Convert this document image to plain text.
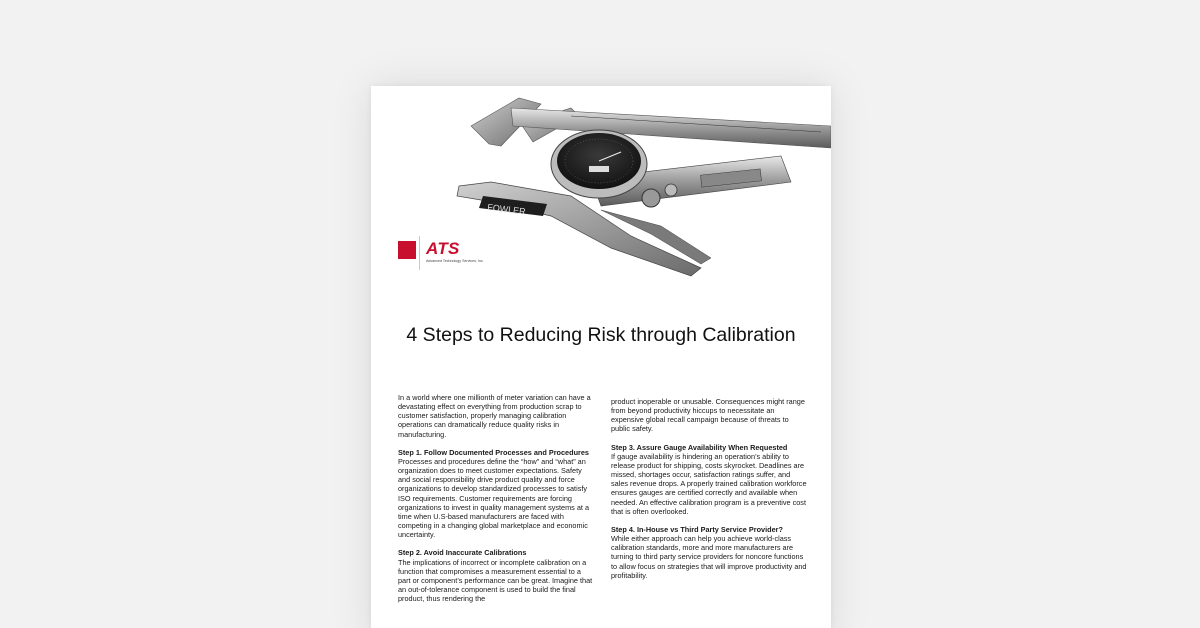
FOWLER
ATS
Advanced Technology Services, Inc.
4 Steps to Reducing Risk through Calibration

In a world where one millionth of meter variation can have a devastating effect on everything from production scrap to customer satisfaction, properly managing calibration operations can dramatically reduce quality risks in manufacturing.

Step 1. Follow Documented Processes and Procedures
Processes and procedures define the “how” and “what” an organization does to meet customer expectations. Safety and social responsibility drive product quality and force organizations to develop standardized processes to satisfy ISO requirements. Customer requirements are forcing organizations to invest in quality management systems at a time when U.S-based manufacturers are faced with competing in a changing global marketplace and economic uncertainty.
Step 2. Avoid Inaccurate Calibrations
The implications of incorrect or incomplete calibration on a function that compromises a measurement essential to a part or component’s performance can be great. Imagine that an out-of-tolerance component is used to build the final product, thus rendering the

product inoperable or unusable. Consequences might range from beyond productivity hiccups to necessitate an expensive global recall campaign because of threats to public safety.

Step 3. Assure Gauge Availability When Requested
If gauge availability is hindering an operation’s ability to release product for shipping, costs skyrocket. Deadlines are missed, shortages occur, satisfaction ratings suffer, and sales revenue drops. A properly trained calibration workforce ensures gauges are certified correctly and available when needed. An effective calibration program is a preventive cost that is often overlooked.
Step 4. In-House vs Third Party Service Provider?
While either approach can help you achieve world-class calibration standards, more and more manufacturers are turning to third party service providers for noncore functions to allow focus on strategies that will improve productivity and profitability.
